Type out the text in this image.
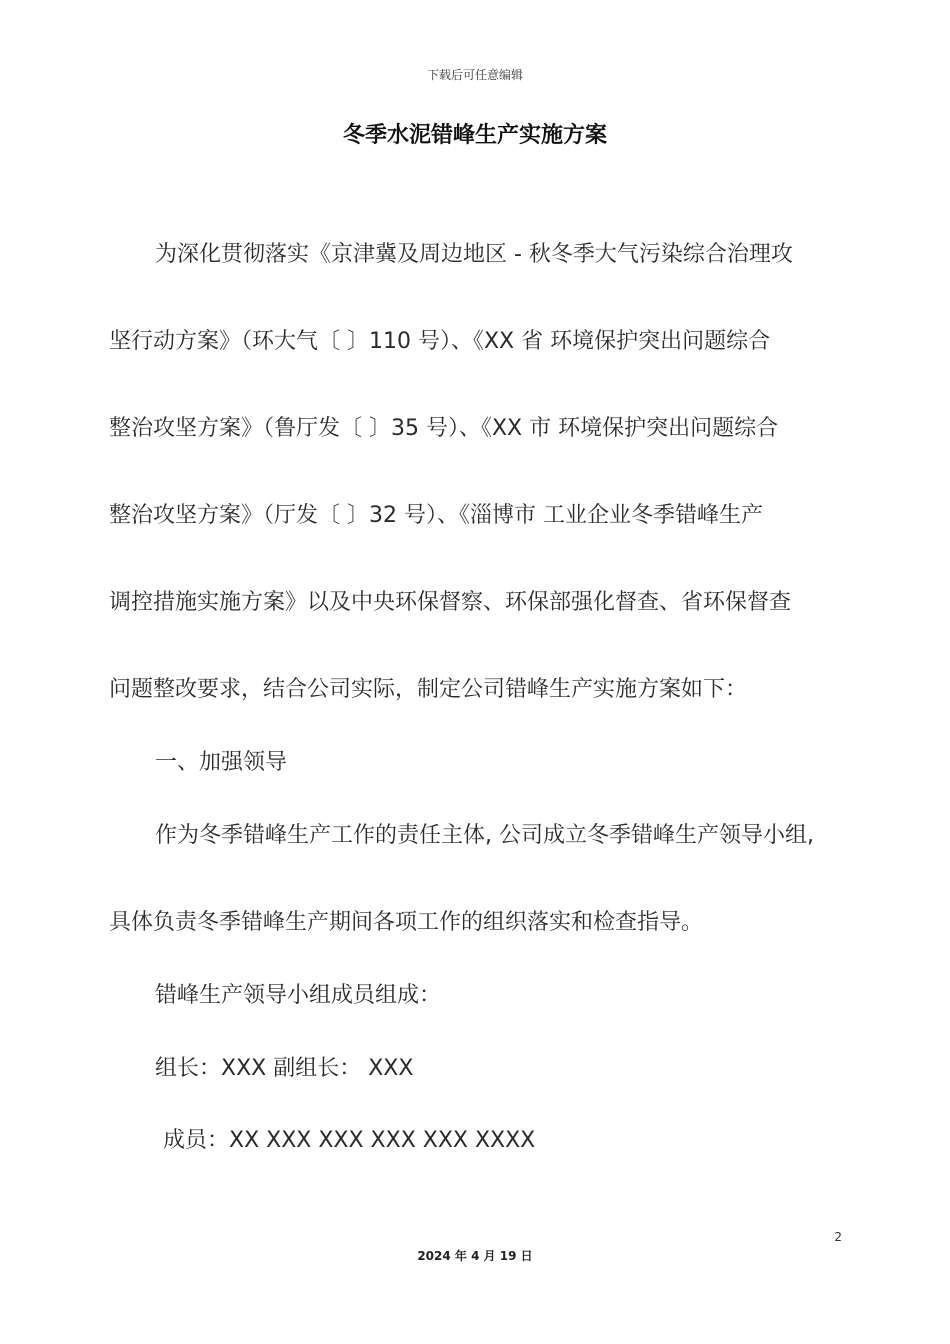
下载后可任意编辑
冬季水泥错峰生产实施方案
为深化贯彻落实《京津冀及周边地区 - 秋冬季大气污染综合治理攻
坚行动方案》（环大气〔 〕110 号）、《XX 省 环境保护突出问题综合
整治攻坚方案》（鲁厅发〔 〕35 号）、《XX 市 环境保护突出问题综合
整治攻坚方案》（厅发〔 〕32 号）、《淄博市 工业企业冬季错峰生产
调控措施实施方案》以及中央环保督察、环保部强化督查、省环保督查
问题整改要求，结合公司实际，制定公司错峰生产实施方案如下：
一、加强领导
作为冬季错峰生产工作的责任主体, 公司成立冬季错峰生产领导小组,
具体负责冬季错峰生产期间各项工作的组织落实和检查指导。
错峰生产领导小组成员组成：
组长：XXX 副组长： XXX
成员：XX XXX XXX XXX XXX XXXX
2
2024 年 4 月 19 日
